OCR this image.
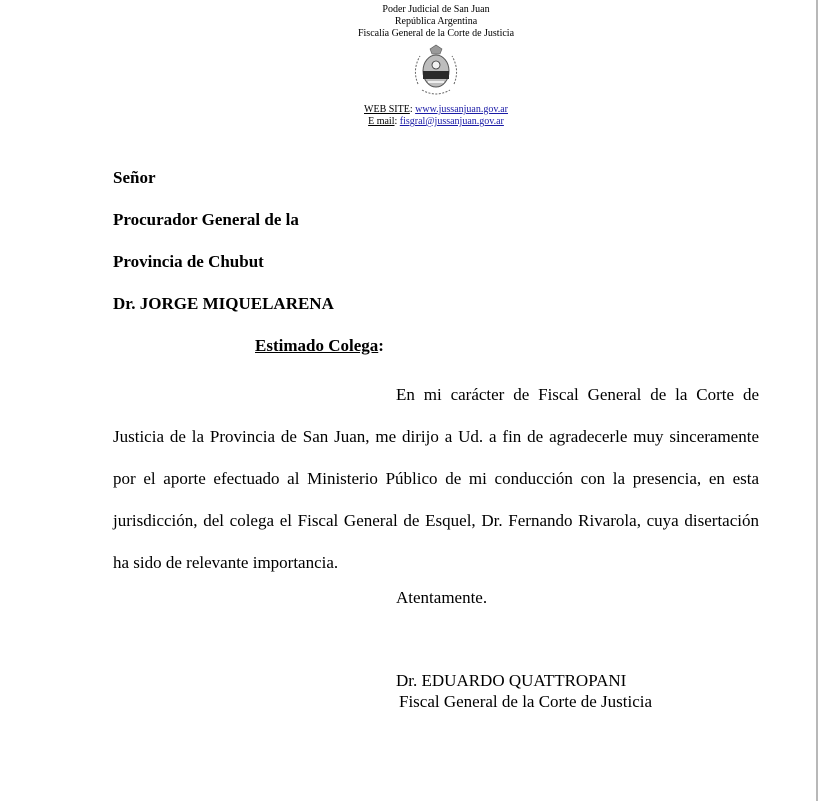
Poder Judicial de San Juan
República Argentina
Fiscalía General de la Corte de Justicia
WEB SITE: www.jussanjuan.gov.ar
E mail: fisgral@jussanjuan.gov.ar
Señor
Procurador General de la
Provincia de Chubut
Dr. JORGE MIQUELARENA
Estimado Colega:

En mi carácter de Fiscal General de la Corte de Justicia de la Provincia de San Juan, me dirijo a Ud. a fin de agradecerle muy sinceramente por el aporte efectuado al Ministerio Público de mi conducción con la presencia, en esta jurisdicción, del colega el Fiscal General de Esquel, Dr. Fernando Rivarola, cuya disertación ha sido de relevante importancia.

Atentamente.
Dr. EDUARDO QUATTROPANI
Fiscal General de la Corte de Justicia
